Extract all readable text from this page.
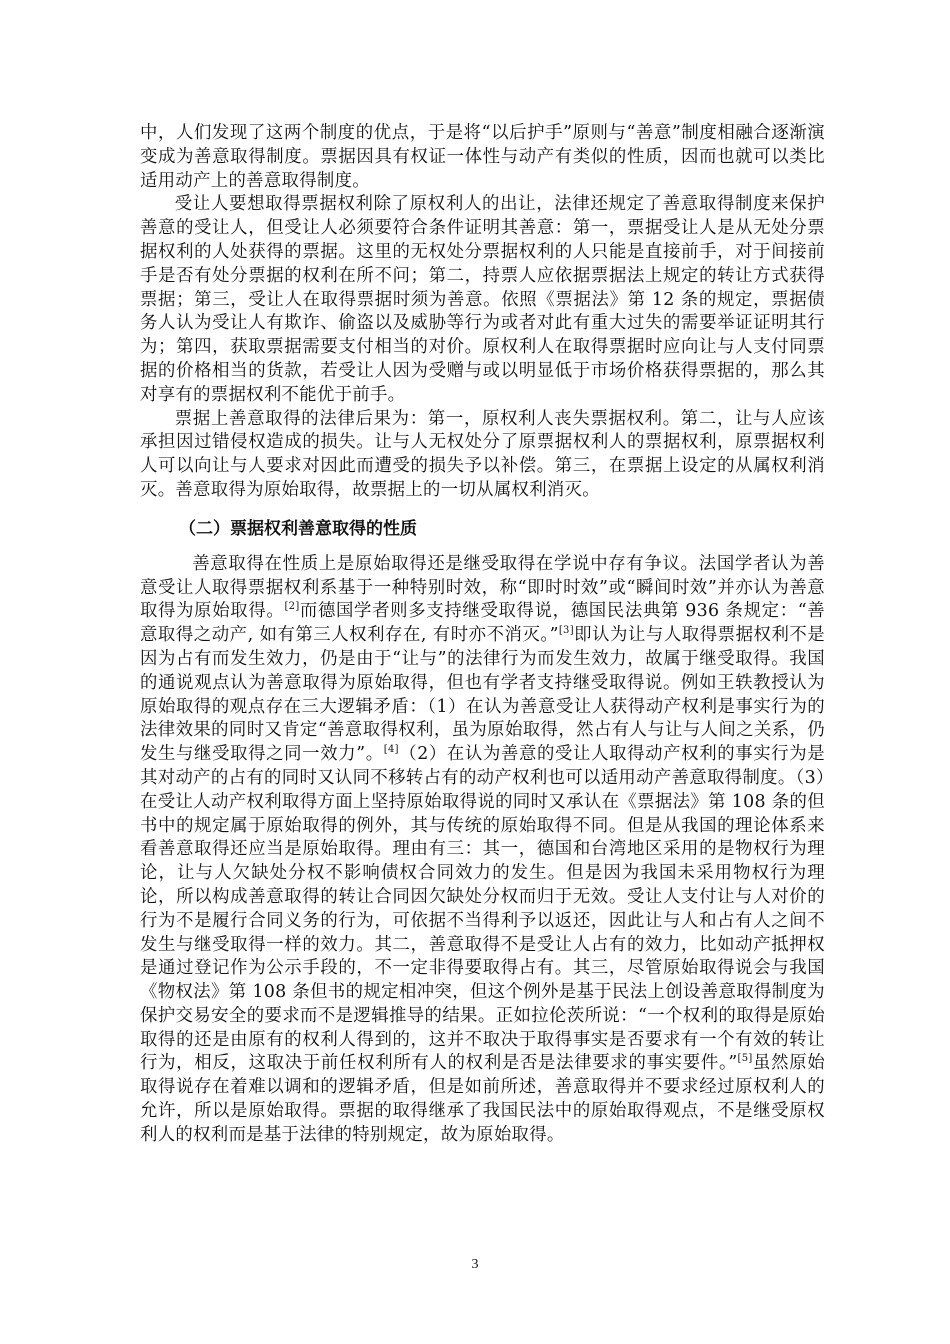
中，人们发现了这两个制度的优点，于是将“以后护手”原则与“善意”制度相融合逐渐演变成为善意取得制度。票据因具有权证一体性与动产有类似的性质，因而也就可以类比适用动产上的善意取得制度。

受让人要想取得票据权利除了原权利人的出让，法律还规定了善意取得制度来保护善意的受让人，但受让人必须要符合条件证明其善意：第一，票据受让人是从无处分票据权利的人处获得的票据。这里的无权处分票据权利的人只能是直接前手，对于间接前手是否有处分票据的权利在所不问；第二，持票人应依据票据法上规定的转让方式获得票据；第三，受让人在取得票据时须为善意。依照《票据法》第 12 条的规定，票据债务人认为受让人有欺诈、偷盗以及威胁等行为或者对此有重大过失的需要举证证明其行为；第四，获取票据需要支付相当的对价。原权利人在取得票据时应向让与人支付同票据的价格相当的货款，若受让人因为受赠与或以明显低于市场价格获得票据的，那么其对享有的票据权利不能优于前手。

票据上善意取得的法律后果为：第一，原权利人丧失票据权利。第二，让与人应该承担因过错侵权造成的损失。让与人无权处分了原票据权利人的票据权利，原票据权利人可以向让与人要求对因此而遭受的损失予以补偿。第三，在票据上设定的从属权利消灭。善意取得为原始取得，故票据上的一切从属权利消灭。

（二）票据权利善意取得的性质

善意取得在性质上是原始取得还是继受取得在学说中存有争议。法国学者认为善意受让人取得票据权利系基于一种特别时效，称“即时时效”或“瞬间时效”并亦认为善意取得为原始取得。[2]而德国学者则多支持继受取得说，德国民法典第 936 条规定：“善意取得之动产, 如有第三人权利存在, 有时亦不消灭。”[3]即认为让与人取得票据权利不是因为占有而发生效力，仍是由于“让与”的法律行为而发生效力，故属于继受取得。我国的通说观点认为善意取得为原始取得，但也有学者支持继受取得说。例如王轶教授认为原始取得的观点存在三大逻辑矛盾：（1）在认为善意受让人获得动产权利是事实行为的法律效果的同时又肯定“善意取得权利，虽为原始取得，然占有人与让与人间之关系，仍发生与继受取得之同一效力”。[4]（2）在认为善意的受让人取得动产权利的事实行为是其对动产的占有的同时又认同不移转占有的动产权利也可以适用动产善意取得制度。（3）在受让人动产权利取得方面上坚持原始取得说的同时又承认在《票据法》第 108 条的但书中的规定属于原始取得的例外，其与传统的原始取得不同。但是从我国的理论体系来看善意取得还应当是原始取得。理由有三：其一，德国和台湾地区采用的是物权行为理论，让与人欠缺处分权不影响债权合同效力的发生。但是因为我国未采用物权行为理论，所以构成善意取得的转让合同因欠缺处分权而归于无效。受让人支付让与人对价的行为不是履行合同义务的行为，可依据不当得利予以返还，因此让与人和占有人之间不发生与继受取得一样的效力。其二，善意取得不是受让人占有的效力，比如动产抵押权是通过登记作为公示手段的，不一定非得要取得占有。其三，尽管原始取得说会与我国《物权法》第 108 条但书的规定相冲突，但这个例外是基于民法上创设善意取得制度为保护交易安全的要求而不是逻辑推导的结果。正如拉伦茨所说：“一个权利的取得是原始取得的还是由原有的权利人得到的，这并不取决于取得事实是否要求有一个有效的转让行为，相反，这取决于前任权利所有人的权利是否是法律要求的事实要件。”[5]虽然原始取得说存在着难以调和的逻辑矛盾，但是如前所述，善意取得并不要求经过原权利人的允许，所以是原始取得。票据的取得继承了我国民法中的原始取得观点，不是继受原权利人的权利而是基于法律的特别规定，故为原始取得。

3
